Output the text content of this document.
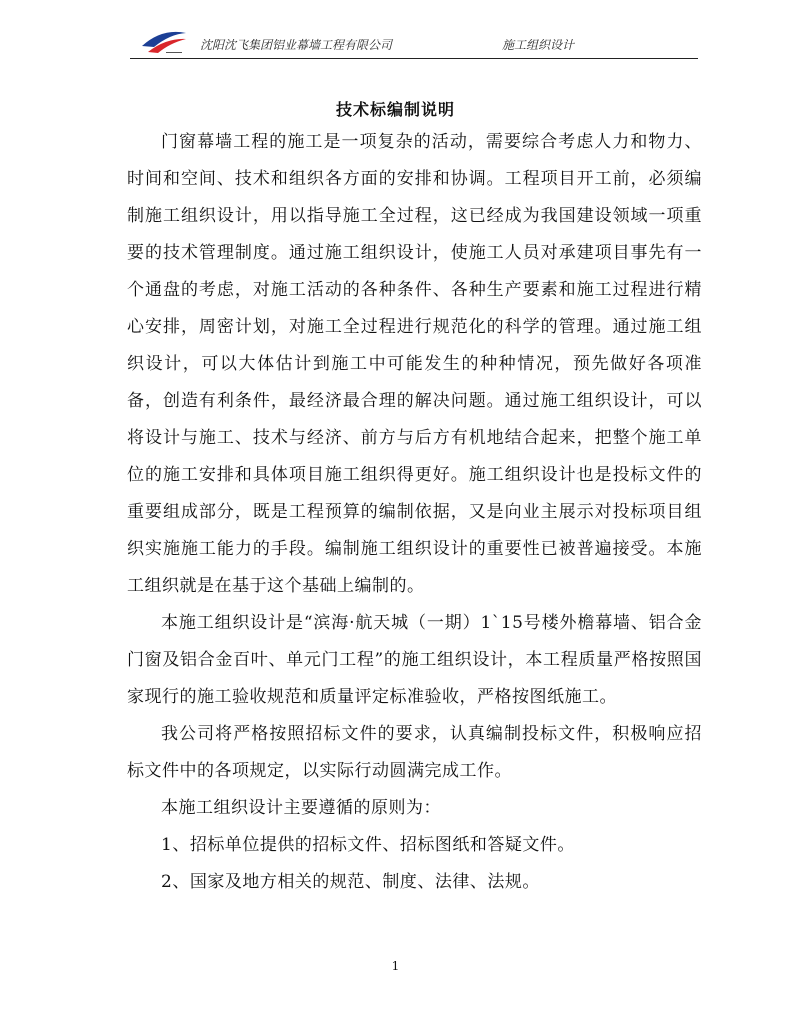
沈阳沈飞集团铝业幕墙工程有限公司	施工组织设计
技术标编制说明

门窗幕墙工程的施工是一项复杂的活动，需要综合考虑人力和物力、时间和空间、技术和组织各方面的安排和协调。工程项目开工前，必须编制施工组织设计，用以指导施工全过程，这已经成为我国建设领域一项重要的技术管理制度。通过施工组织设计，使施工人员对承建项目事先有一个通盘的考虑，对施工活动的各种条件、各种生产要素和施工过程进行精心安排，周密计划，对施工全过程进行规范化的科学的管理。通过施工组织设计，可以大体估计到施工中可能发生的种种情况，预先做好各项准备，创造有利条件，最经济最合理的解决问题。通过施工组织设计，可以将设计与施工、技术与经济、前方与后方有机地结合起来，把整个施工单位的施工安排和具体项目施工组织得更好。施工组织设计也是投标文件的重要组成部分，既是工程预算的编制依据，又是向业主展示对投标项目组织实施施工能力的手段。编制施工组织设计的重要性已被普遍接受。本施工组织就是在基于这个基础上编制的。

本施工组织设计是“滨海·航天城（一期）1`15号楼外檐幕墙、铝合金门窗及铝合金百叶、单元门工程”的施工组织设计，本工程质量严格按照国家现行的施工验收规范和质量评定标准验收，严格按图纸施工。

我公司将严格按照招标文件的要求，认真编制投标文件，积极响应招标文件中的各项规定，以实际行动圆满完成工作。

本施工组织设计主要遵循的原则为：

1、招标单位提供的招标文件、招标图纸和答疑文件。

2、国家及地方相关的规范、制度、法律、法规。

1
